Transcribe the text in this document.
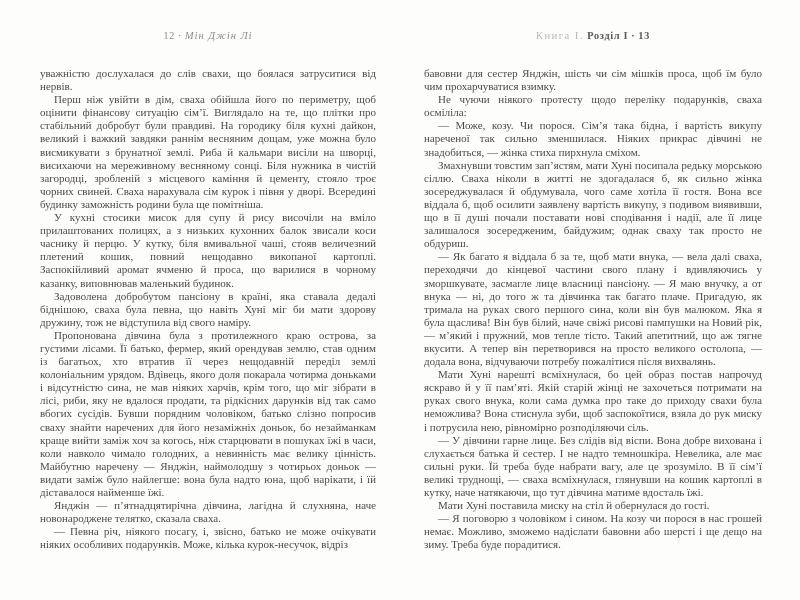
12 · Мін Джін Лі

уважністю дослухалася до слів свахи, що боялася затруситися від нервів.

Перш ніж увійти в дім, сваха обійшла його по периметру, щоб оцінити фінансову ситуацію сім’ї. Виглядало на те, що плітки про стабільний добробут були правдиві. На городику біля кухні дайкон, великий і важкий завдяки раннім весняним дощам, уже можна було висмикувати з брунатної землі. Риба й кальмари висіли на шворці, висихаючи на мереживному весняному сонці. Біля нужника в чистій загородці, зробленій з місцевого каміння й цементу, стояло троє чорних свиней. Сваха нарахувала сім курок і півня у дворі. Всередині будинку заможність родини була ще помітніша.

У кухні стосики мисок для супу й рису височіли на вміло прилаштованих полицях, а з низьких кухонних балок звисали коси часнику й перцю. У кутку, біля вмивальної чаші, стояв величезний плетений кошик, повний нещодавно викопаної картоплі. Заспокійливий аромат ячменю й проса, що варилися в чорному казанку, виповнював маленький будинок.

Задоволена добробутом пансіону в країні, яка ставала дедалі біднішою, сваха була певна, що навіть Хуні міг би мати здорову дружину, тож не відступила від свого наміру.

Пропонована дівчина була з протилежного краю острова, за густими лісами. Її батько, фермер, який орендував землю, став одним із багатьох, хто втратив її через нещодавній переділ землі колоніальним урядом. Вдівець, якого доля покарала чотирма доньками і відсутністю сина, не мав ніяких харчів, крім того, що міг зібрати в лісі, риби, яку не вдалося продати, та рідкісних дарунків від так само вбогих сусідів. Бувши порядним чоловіком, батько слізно попросив сваху знайти наречених для його незаміжніх доньок, бо незайманкам краще вийти заміж хоч за когось, ніж старцювати в пошуках їжі в часи, коли навколо чимало голодних, а невинність має велику цінність. Майбутню наречену — Янджін, наймолодшу з чотирьох доньок — видати заміж було найлегше: вона була надто юна, щоб нарікати, і їй діставалося найменше їжі.

Янджін — п’ятнадцятирічна дівчина, лагідна й слухняна, наче новонароджене телятко, сказала сваха.

— Певна річ, ніякого посагу, і, звісно, батько не може очікувати ніяких особливих подарунків. Може, кілька курок-несучок, відріз

Книга І. Розділ І · 13

бавовни для сестер Янджін, шість чи сім мішків проса, щоб їм було чим прохарчуватися взимку.

Не чуючи ніякого протесту щодо переліку подарунків, сваха осміліла:

— Може, козу. Чи порося. Сім’я така бідна, і вартість викупу нареченої так сильно зменшилася. Ніяких прикрас дівчині не знадобиться, — жінка стиха пирхнула сміхом.

Змахнувши товстим зап’ястям, мати Хуні посипала редьку морською сіллю. Сваха ніколи в житті не здогадалася б, як сильно жінка зосереджувалася й обдумувала, чого саме хотіла її гостя. Вона все віддала б, щоб осилити заявлену вартість викупу, з подивом виявивши, що в її душі почали поставати нові сподівання і надії, але її лице залишалося зосередженим, байдужим; однак сваху так просто не обдуриш.

— Як багато я віддала б за те, щоб мати внука, — вела далі сваха, переходячи до кінцевої частини свого плану і вдивляючись у зморшкувате, засмагле лице власниці пансіону. — Я маю внучку, а от внука — ні, до того ж та дівчинка так багато плаче. Пригадую, як тримала на руках свого першого сина, коли він був малюком. Яка я була щаслива! Він був білий, наче свіжі рисові пампушки на Новий рік, — м’який і пружний, мов тепле тісто. Такий апетитний, що аж тягне вкусити. А тепер він перетворився на просто великого остолопа, — додала вона, відчуваючи потребу пожалітися після вихвалянь.

Мати Хуні нарешті всміхнулася, бо цей образ постав напрочуд яскраво й у її пам’яті. Якій старій жінці не захочеться потримати на руках свого внука, коли сама думка про таке до приходу свахи була неможлива? Вона стиснула зуби, щоб заспокоїтися, взяла до рук миску і потрусила нею, рівномірно розподіляючи сіль.

— У дівчини гарне лице. Без слідів від віспи. Вона добре вихована і слухається батька й сестер. І не надто темношкіра. Невелика, але має сильні руки. Їй треба буде набрати вагу, але це зрозуміло. В її сім’ї великі труднощі, — сваха всміхнулася, глянувши на кошик картоплі в кутку, наче натякаючи, що тут дівчина матиме вдосталь їжі.

Мати Хуні поставила миску на стіл й обернулася до гості.

— Я поговорю з чоловіком і сином. На козу чи порося в нас грошей немає. Можливо, зможемо надіслати бавовни або шерсті і ще дещо на зиму. Треба буде порадитися.
